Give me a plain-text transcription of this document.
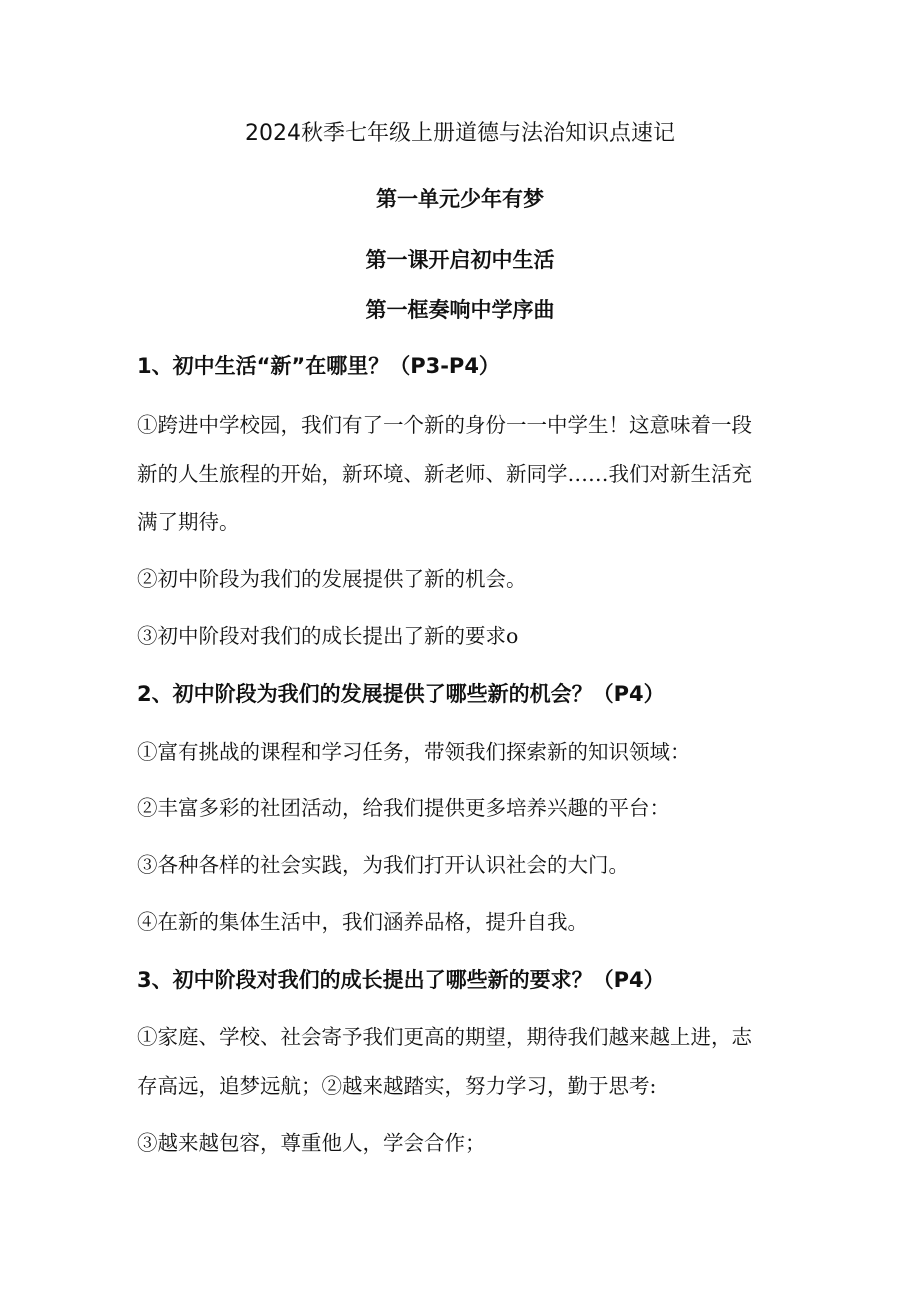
2024秋季七年级上册道德与法治知识点速记
第一单元少年有梦
第一课开启初中生活
第一框奏响中学序曲

1、初中生活“新”在哪里？（P3-P4）

①跨进中学校园，我们有了一个新的身份一一中学生！这意味着一段

新的人生旅程的开始，新环境、新老师、新同学……我们对新生活充

满了期待。

②初中阶段为我们的发展提供了新的机会。

③初中阶段对我们的成长提出了新的要求o

2、初中阶段为我们的发展提供了哪些新的机会？（P4）

①富有挑战的课程和学习任务，带领我们探索新的知识领域：

②丰富多彩的社团活动，给我们提供更多培养兴趣的平台：

③各种各样的社会实践，为我们打开认识社会的大门。

④在新的集体生活中，我们涵养品格，提升自我。

3、初中阶段对我们的成长提出了哪些新的要求？（P4）

①家庭、学校、社会寄予我们更高的期望，期待我们越来越上进，志

存高远，追梦远航；②越来越踏实，努力学习，勤于思考:

③越来越包容，尊重他人，学会合作；
